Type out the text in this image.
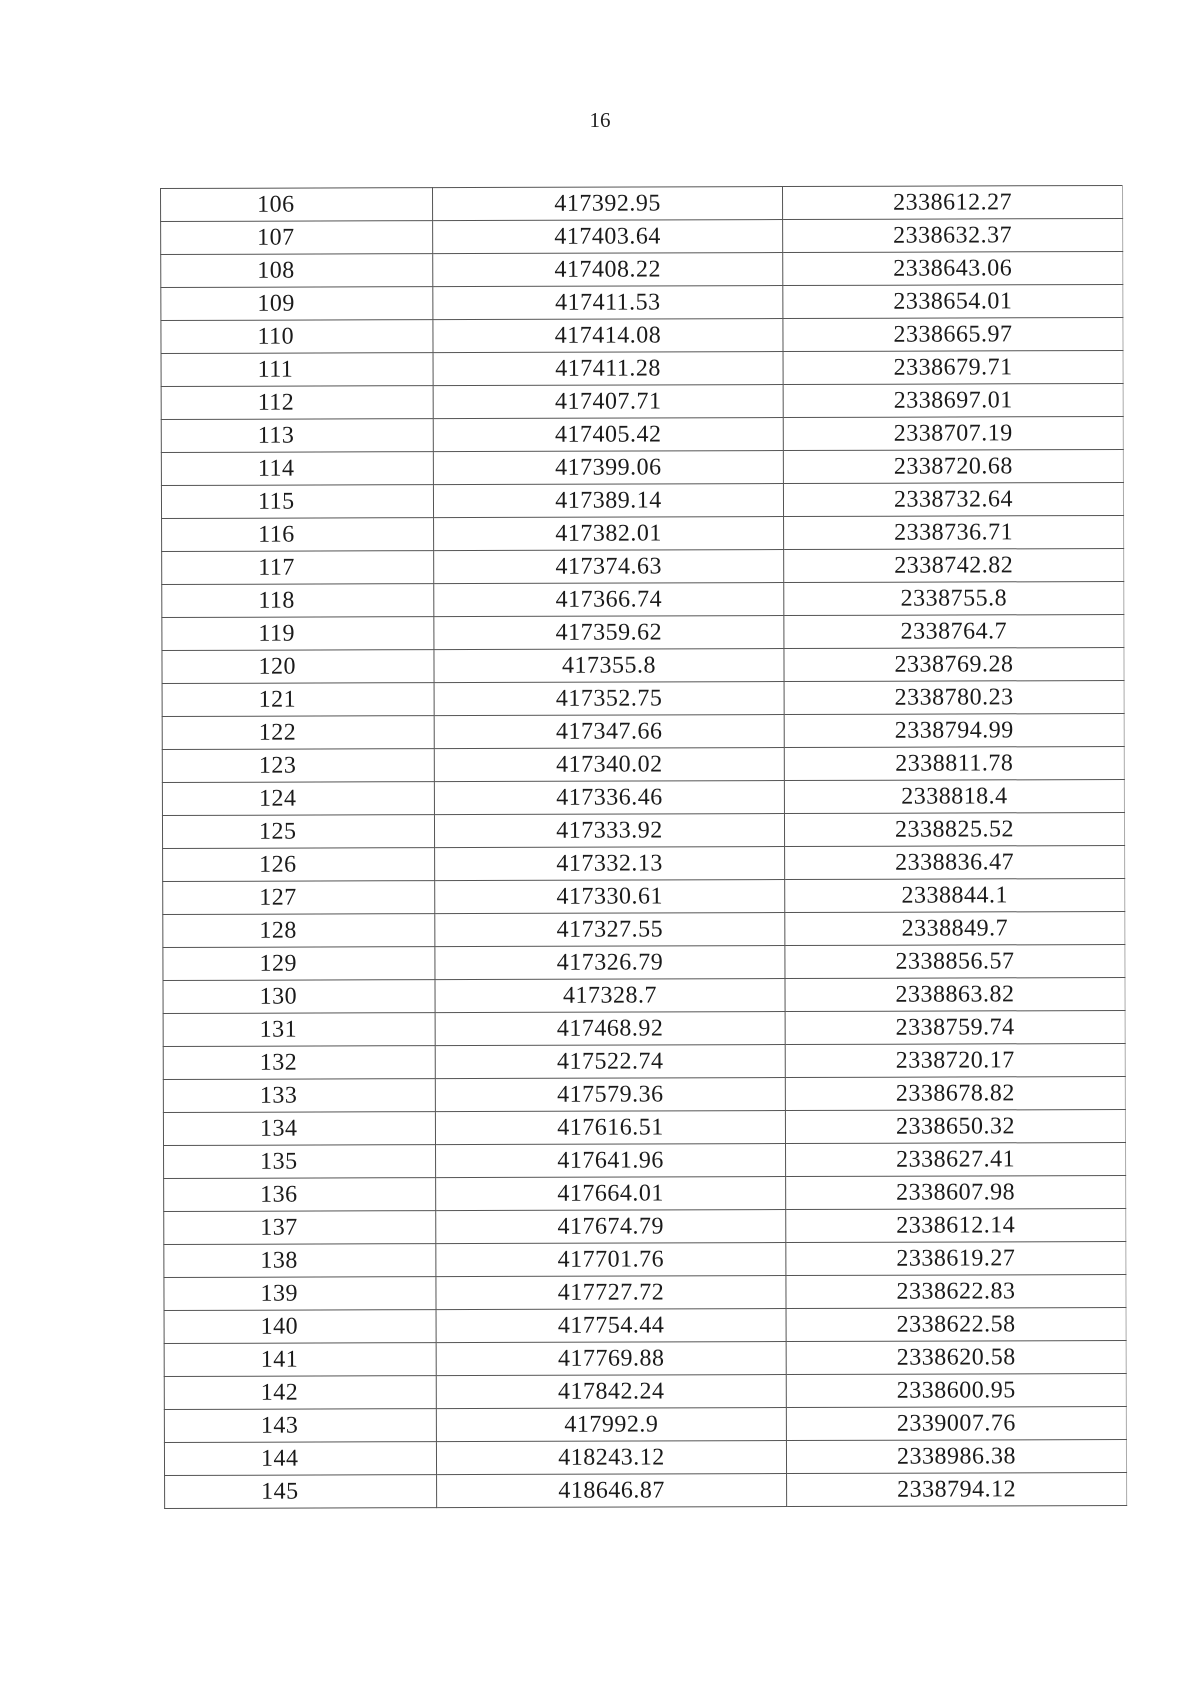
16
106	417392.95	2338612.27
107	417403.64	2338632.37
108	417408.22	2338643.06
109	417411.53	2338654.01
110	417414.08	2338665.97
111	417411.28	2338679.71
112	417407.71	2338697.01
113	417405.42	2338707.19
114	417399.06	2338720.68
115	417389.14	2338732.64
116	417382.01	2338736.71
117	417374.63	2338742.82
118	417366.74	2338755.8
119	417359.62	2338764.7
120	417355.8	2338769.28
121	417352.75	2338780.23
122	417347.66	2338794.99
123	417340.02	2338811.78
124	417336.46	2338818.4
125	417333.92	2338825.52
126	417332.13	2338836.47
127	417330.61	2338844.1
128	417327.55	2338849.7
129	417326.79	2338856.57
130	417328.7	2338863.82
131	417468.92	2338759.74
132	417522.74	2338720.17
133	417579.36	2338678.82
134	417616.51	2338650.32
135	417641.96	2338627.41
136	417664.01	2338607.98
137	417674.79	2338612.14
138	417701.76	2338619.27
139	417727.72	2338622.83
140	417754.44	2338622.58
141	417769.88	2338620.58
142	417842.24	2338600.95
143	417992.9	2339007.76
144	418243.12	2338986.38
145	418646.87	2338794.12
